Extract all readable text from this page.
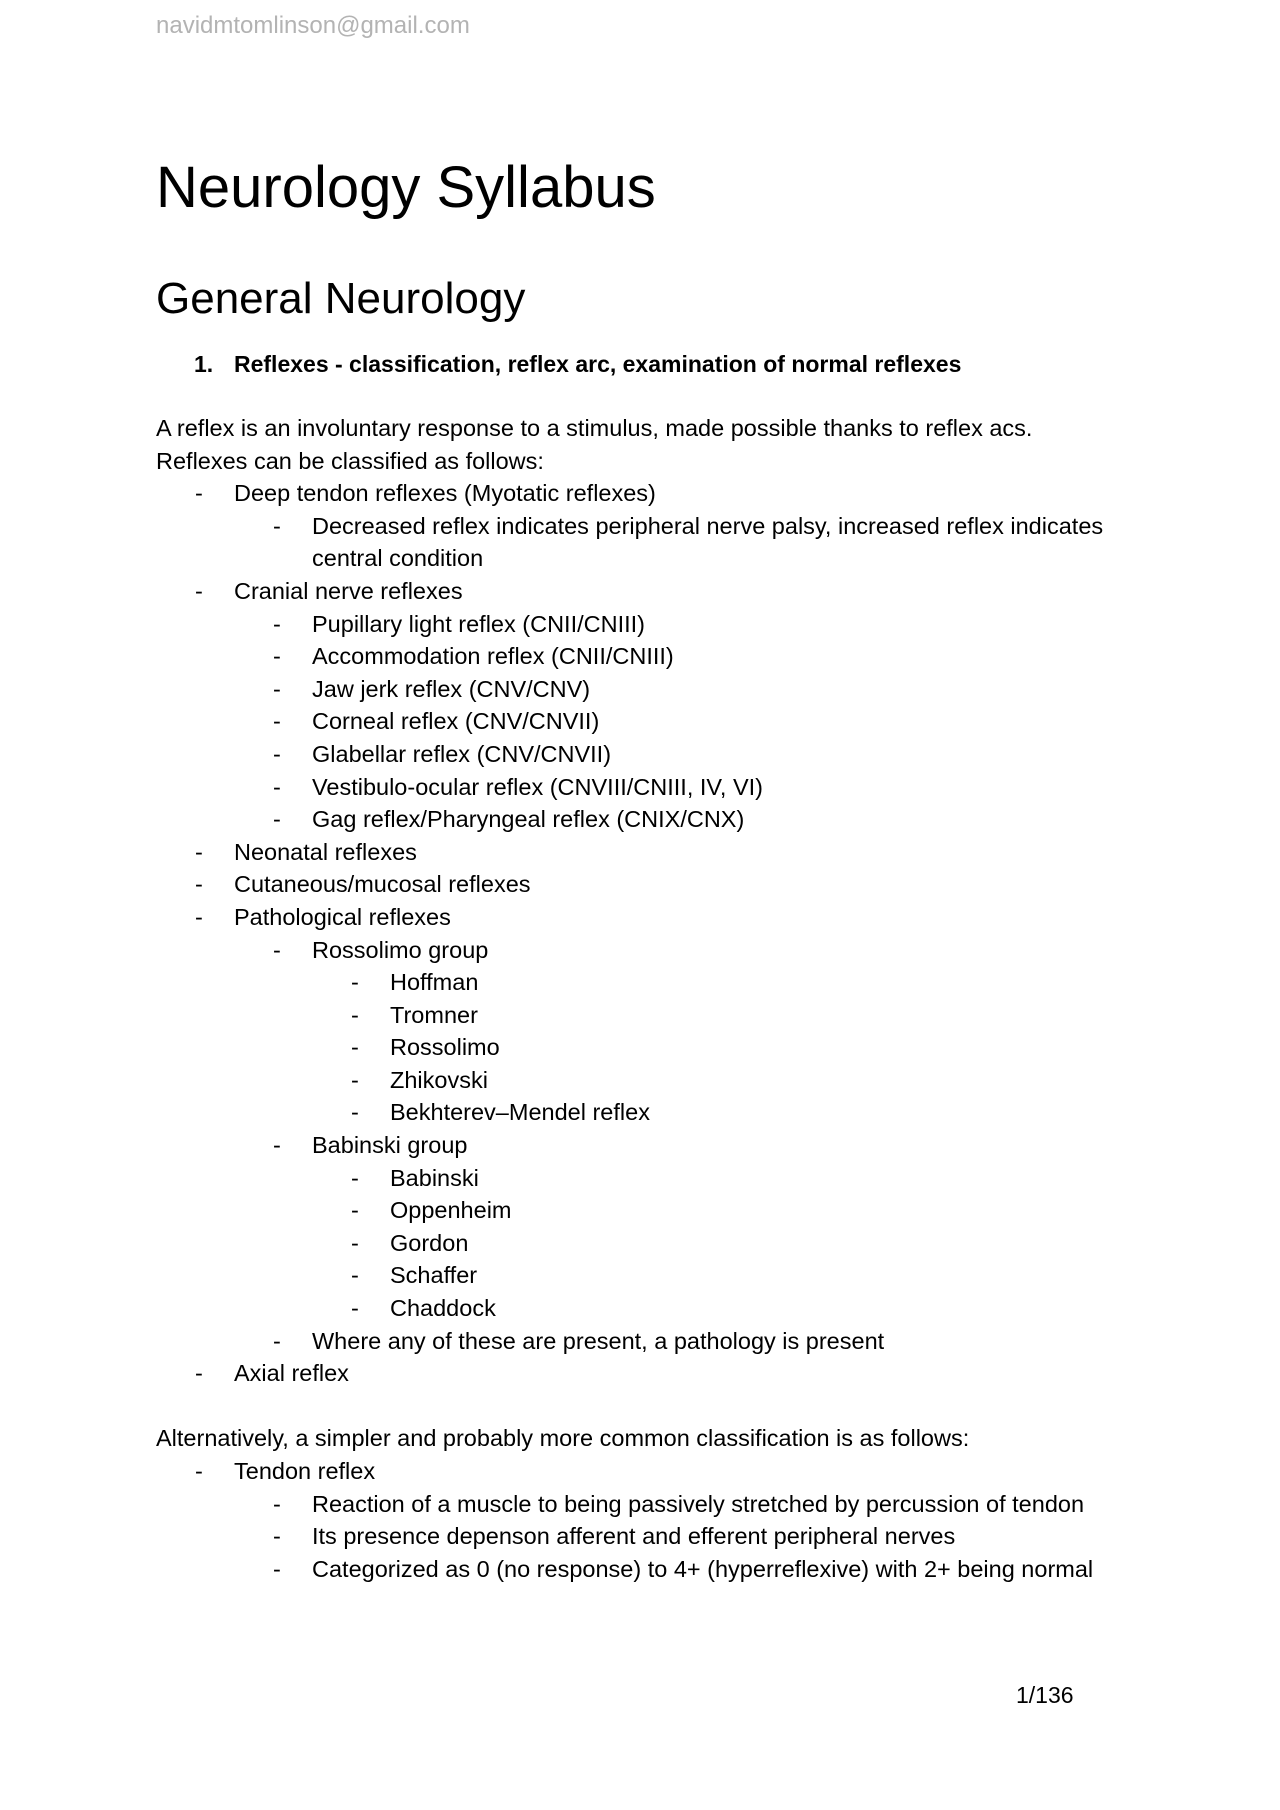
navidmtomlinson@gmail.com
Neurology Syllabus
General Neurology
1. Reflexes - classification, reflex arc, examination of normal reflexes

A reflex is an involuntary response to a stimulus, made possible thanks to reflex acs.

Reflexes can be classified as follows:

-	Deep tendon reflexes (Myotatic reflexes)
-	Decreased reflex indicates peripheral nerve palsy, increased reflex indicates central condition
-	Cranial nerve reflexes
-	Pupillary light reflex (CNII/CNIII)
-	Accommodation reflex (CNII/CNIII)
-	Jaw jerk reflex (CNV/CNV)
-	Corneal reflex (CNV/CNVII)
-	Glabellar reflex (CNV/CNVII)
-	Vestibulo-ocular reflex (CNVIII/CNIII, IV, VI)
-	Gag reflex/Pharyngeal reflex (CNIX/CNX)
-	Neonatal reflexes
-	Cutaneous/mucosal reflexes
-	Pathological reflexes
-	Rossolimo group
-	Hoffman
-	Tromner
-	Rossolimo
-	Zhikovski
-	Bekhterev–Mendel reflex
-	Babinski group
-	Babinski
-	Oppenheim
-	Gordon
-	Schaffer
-	Chaddock
-	Where any of these are present, a pathology is present
-	Axial reflex

Alternatively, a simpler and probably more common classification is as follows:

-	Tendon reflex
-	Reaction of a muscle to being passively stretched by percussion of tendon
-	Its presence depenson afferent and efferent peripheral nerves
-	Categorized as 0 (no response) to 4+ (hyperreflexive) with 2+ being normal
1/136
